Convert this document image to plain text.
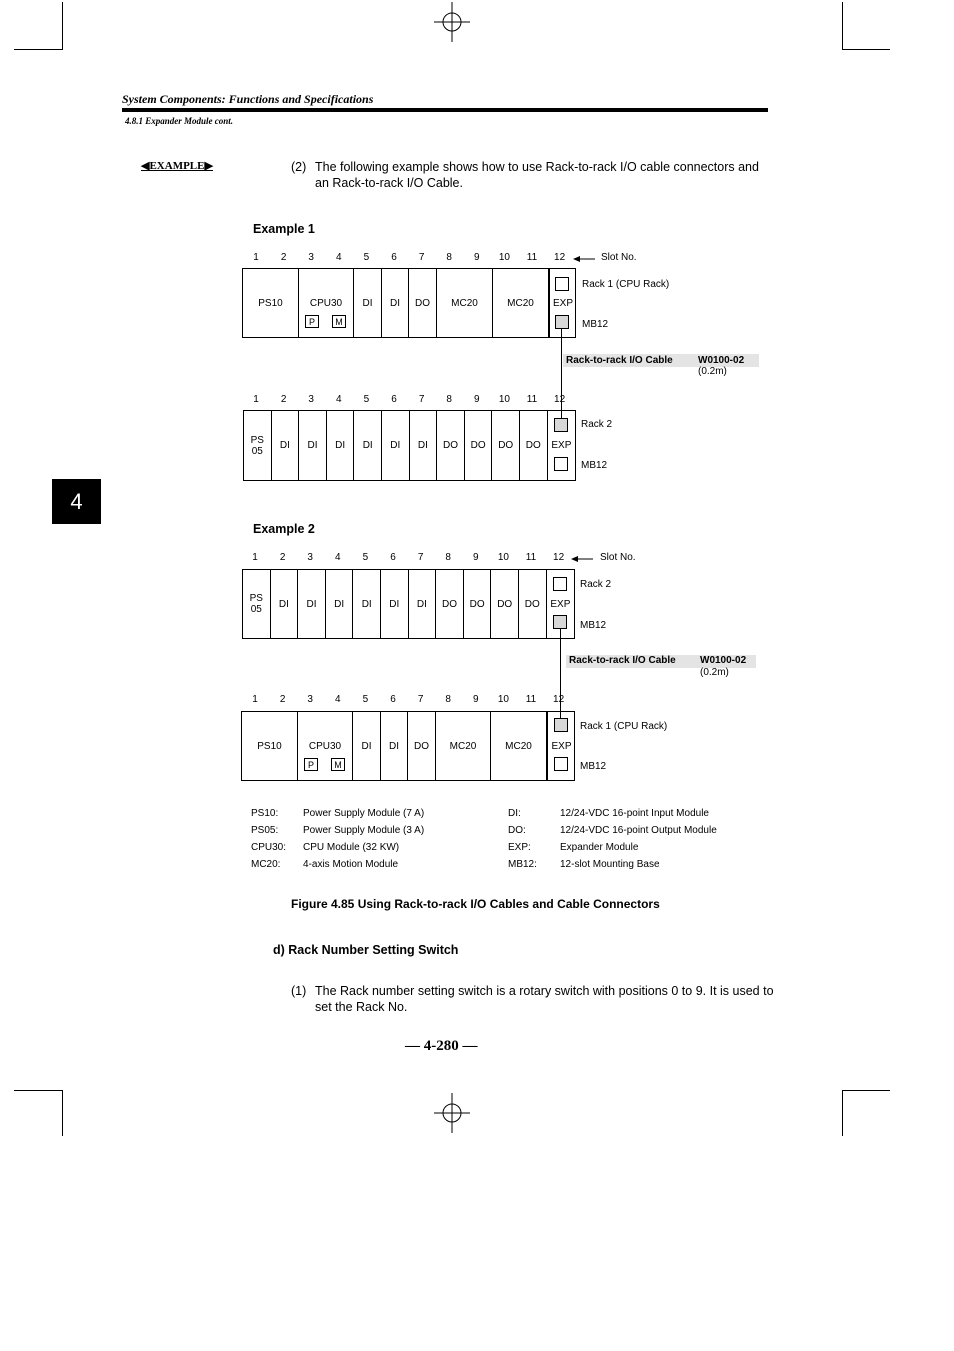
System Components: Functions and Specifications
4.8.1 Expander Module cont.
◀EXAMPLE▶	(2) The following example shows how to use Rack-to-rack I/O cable connectors and
an Rack-to-rack I/O Cable.
4
Example 1
1	2	3	4	5	6	7	8	9	10 11 12	Slot No.
PS10	CPU30	DI	DI	DO	MC20	MC20	EXP
P	M
Rack 1 (CPU Rack)
MB12
Rack-to-rack I/O Cable	W0100-02
(0.2m)
1	2	3	4	5	6	7	8	9	10 11 12
PS
05	DI	DI	DI	DI	DI	DI	DO	DO	DO	DO	EXP
Rack 2
MB12
Example 2
1	2	3	4	5	6	7	8	9	10 11 12	Slot No.
PS
05	DI	DI	DI	DI	DI	DI	DO	DO	DO	DO	EXP
Rack 2
MB12
Rack-to-rack I/O Cable W0100-02
(0.2m)
1	2	3	4	5	6	7	8	9	10 11 12
PS10	CPU30	DI	DI	DO	MC20	MC20	EXP
P	M
Rack 1 (CPU Rack)
MB12
PS10: Power Supply Module (7 A)
PS05: Power Supply Module (3 A)
CPU30: CPU Module (32 KW)
MC20: 4-axis Motion Module
DI:	12/24-VDC 16-point Input Module
DO:	12/24-VDC 16-point Output Module
EXP:	Expander Module
MB12: 12-slot Mounting Base
Figure 4.85 Using Rack-to-rack I/O Cables and Cable Connectors
d) Rack Number Setting Switch
(1) The Rack number setting switch is a rotary switch with positions 0 to 9. It is used to
set the Rack No.
— 4-280 —
